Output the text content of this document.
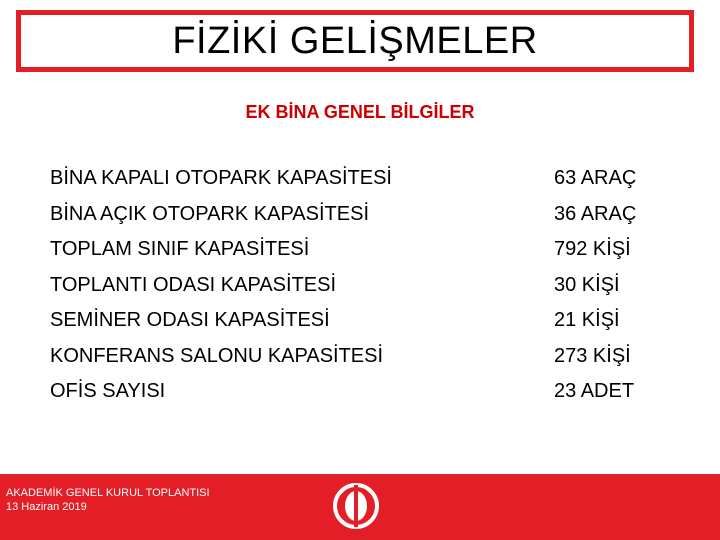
FİZİKİ GELİŞMELER
EK BİNA GENEL BİLGİLER
BİNA KAPALI OTOPARK KAPASİTESİ
BİNA AÇIK OTOPARK KAPASİTESİ
TOPLAM SINIF KAPASİTESİ
TOPLANTI ODASI KAPASİTESİ
SEMİNER ODASI KAPASİTESİ
KONFERANS SALONU KAPASİTESİ
OFİS SAYISI
63 ARAÇ
36 ARAÇ
792 KİŞİ
30 KİŞİ
21 KİŞİ
273 KİŞİ
23 ADET
AKADEMİK GENEL KURUL TOPLANTISI
13 Haziran 2019
